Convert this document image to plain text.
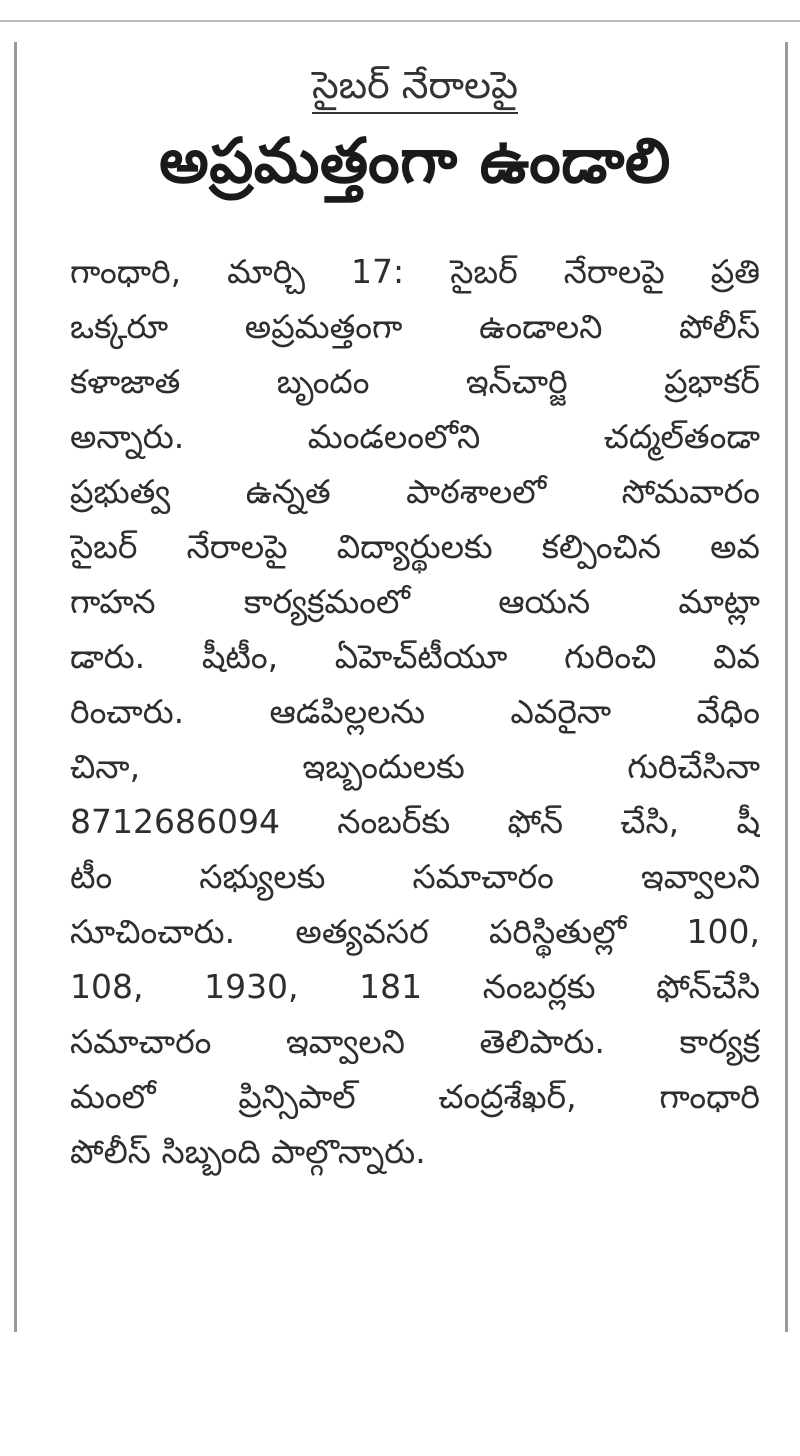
సైబర్ నేరాలపై
అప్రమత్తంగా ఉండాలి
గాంధారి, మార్చి 17: సైబర్ నేరాలపై ప్రతి
ఒక్కరూ అప్రమత్తంగా ఉండాలని పోలీస్
కళాజాత బృందం ఇన్‌చార్జి ప్రభాకర్
అన్నారు. మండలంలోని చద్మల్‌తండా
ప్రభుత్వ ఉన్నత పాఠశాలలో సోమవారం
సైబర్ నేరాలపై విద్యార్థులకు కల్పించిన అవ
గాహన కార్యక్రమంలో ఆయన మాట్లా
డారు. షీటీం, ఏహెచ్‌టీయూ గురించి వివ
రించారు. ఆడపిల్లలను ఎవరైనా వేధిం
చినా, ఇబ్బందులకు గురిచేసినా
8712686094 నంబర్‌కు ఫోన్ చేసి, షీ
టీం సభ్యులకు సమాచారం ఇవ్వాలని
సూచించారు. అత్యవసర పరిస్థితుల్లో 100,
108, 1930, 181 నంబర్లకు ఫోన్‌చేసి
సమాచారం ఇవ్వాలని తెలిపారు. కార్యక్ర
మంలో ప్రిన్సిపాల్ చంద్రశేఖర్, గాంధారి
పోలీస్ సిబ్బంది పాల్గొన్నారు.
